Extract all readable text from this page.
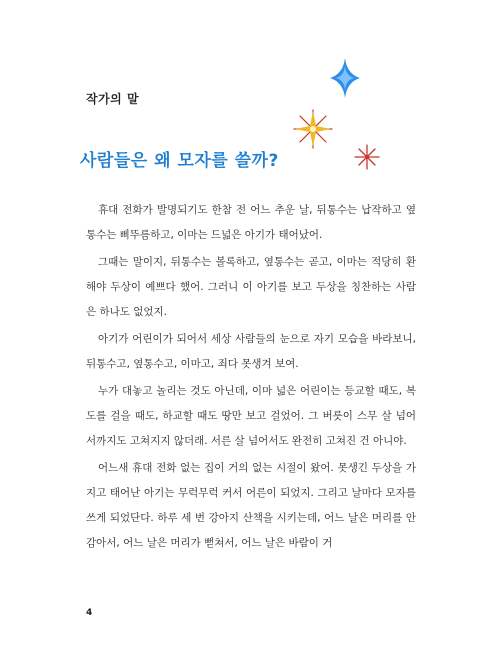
작가의 말

사람들은 왜 모자를 쓸까?

휴대 전화가 발명되기도 한참 전 어느 추운 날, 뒤통수는 납작하고 옆통수는 삐뚜름하고, 이마는 드넓은 아기가 태어났어.

그때는 말이지, 뒤통수는 볼록하고, 옆통수는 곧고, 이마는 적당히 환해야 두상이 예쁘다 했어. 그러니 이 아기를 보고 두상을 칭찬하는 사람은 하나도 없었지.

아기가 어린이가 되어서 세상 사람들의 눈으로 자기 모습을 바라보니, 뒤통수고, 옆통수고, 이마고, 죄다 못생겨 보여.

누가 대놓고 놀리는 것도 아닌데, 이마 넓은 어린이는 등교할 때도, 복도를 걸을 때도, 하교할 때도 땅만 보고 걸었어. 그 버릇이 스무 살 넘어서까지도 고쳐지지 않더래. 서른 살 넘어서도 완전히 고쳐진 건 아니야.

어느새 휴대 전화 없는 집이 거의 없는 시절이 왔어. 못생긴 두상을 가지고 태어난 아기는 무럭무럭 커서 어른이 되었지. 그리고 날마다 모자를 쓰게 되었단다. 하루 세 번 강아지 산책을 시키는데, 어느 날은 머리를 안 감아서, 어느 날은 머리가 뻗쳐서, 어느 날은 바람이 거

4
